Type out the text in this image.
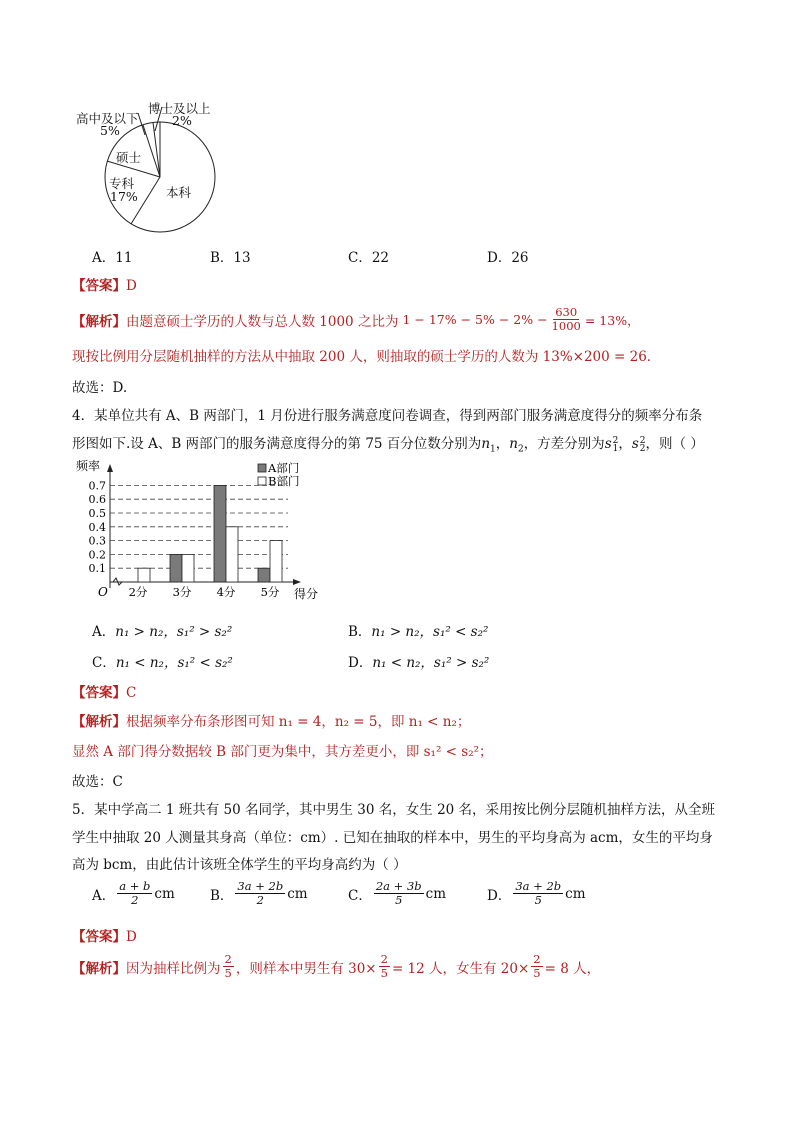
高中及以下
5%
博士及以上
2%
硕士
专科
17% 本科
A．11	B．13	C．22	D．26
【答案】D
【解析】 由题意硕士学历的人数与总人数 1000 之比为 $1 - 17\% - 5\% - 2\% - \frac{630}{1000} = 13\%$，
现按比例用分层随机抽样的方法从中抽取 200 人，则抽取的硕士学历的人数为 13%×200 = 26．
故选：D.
4．某单位共有 A、B 两部门，1 月份进行服务满意度问卷调查，得到两部门服务满意度得分的频率分布条
形图如下.设 A、B 两部门的服务满意度得分的第 75 百分位数分别为$n_1$，$n_2$，方差分别为s 2
1 ，s 2
2 ，则（ ）
频率
得分
O
0.1
0.2
0.3
0.4
0.5
0.6
0.7
2分 3分 4分 5分
A部门
B部门
A．n₁ > n₂，s₁² > s₂²	B．n₁ > n₂，s₁² < s₂²
C．n₁ < n₂，s₁² < s₂²	D．n₁ < n₂，s₁² > s₂²
【答案】C
【解析】根据频率分布条形图可知 n₁ = 4，n₂ = 5，即 n₁ < n₂；
显然 A 部门得分数据较 B 部门更为集中，其方差更小，即 s₁² < s₂²；
故选：C
5．某中学高二 1 班共有 50 名同学，其中男生 30 名，女生 20 名，采用按比例分层随机抽样方法，从全班
学生中抽取 20 人测量其身高（单位：cm）. 已知在抽取的样本中，男生的平均身高为 acm，女生的平均身
高为 bcm，由此估计该班全体学生的平均身高约为（ ）
A． $\frac{a + b}{2}$ cm	B． $\frac{3a + 2b}{2}$ cm	C． $\frac{2a + 3b}{5}$ cm	D． $\frac{3a + 2b}{5}$ cm
【答案】D
【解析】 因为抽样比例为 $\frac{2}{5}$ ，则样本中男生有 $30\times \frac{2}{5} = 12$ 人，女生有 $20\times \frac{2}{5} = 8$ 人，
